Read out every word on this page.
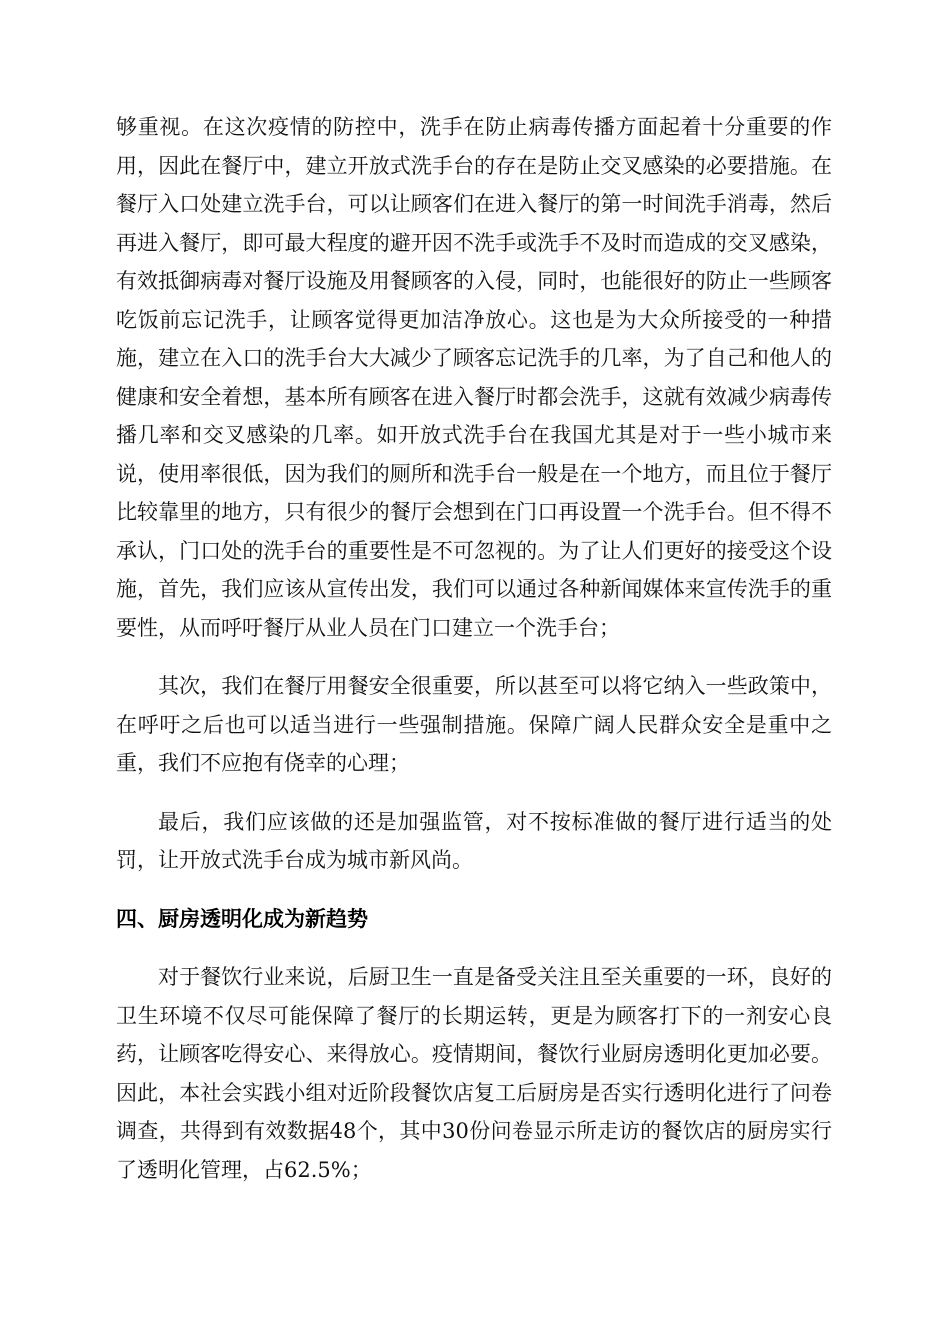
够重视。在这次疫情的防控中，洗手在防止病毒传播方面起着十分重要的作用，因此在餐厅中，建立开放式洗手台的存在是防止交叉感染的必要措施。在餐厅入口处建立洗手台，可以让顾客们在进入餐厅的第一时间洗手消毒，然后再进入餐厅，即可最大程度的避开因不洗手或洗手不及时而造成的交叉感染，有效抵御病毒对餐厅设施及用餐顾客的入侵，同时，也能很好的防止一些顾客吃饭前忘记洗手，让顾客觉得更加洁净放心。这也是为大众所接受的一种措施，建立在入口的洗手台大大减少了顾客忘记洗手的几率，为了自己和他人的健康和安全着想，基本所有顾客在进入餐厅时都会洗手，这就有效减少病毒传播几率和交叉感染的几率。如开放式洗手台在我国尤其是对于一些小城市来说，使用率很低，因为我们的厕所和洗手台一般是在一个地方，而且位于餐厅比较靠里的地方，只有很少的餐厅会想到在门口再设置一个洗手台。但不得不承认，门口处的洗手台的重要性是不可忽视的。为了让人们更好的接受这个设施，首先，我们应该从宣传出发，我们可以通过各种新闻媒体来宣传洗手的重要性，从而呼吁餐厅从业人员在门口建立一个洗手台；

其次，我们在餐厅用餐安全很重要，所以甚至可以将它纳入一些政策中，在呼吁之后也可以适当进行一些强制措施。保障广阔人民群众安全是重中之重，我们不应抱有侥幸的心理；

最后，我们应该做的还是加强监管，对不按标准做的餐厅进行适当的处罚，让开放式洗手台成为城市新风尚。

四、厨房透明化成为新趋势

对于餐饮行业来说，后厨卫生一直是备受关注且至关重要的一环，良好的卫生环境不仅尽可能保障了餐厅的长期运转，更是为顾客打下的一剂安心良药，让顾客吃得安心、来得放心。疫情期间，餐饮行业厨房透明化更加必要。因此，本社会实践小组对近阶段餐饮店复工后厨房是否实行透明化进行了问卷调查，共得到有效数据48个，其中30份问卷显示所走访的餐饮店的厨房实行了透明化管理，占62.5%；
